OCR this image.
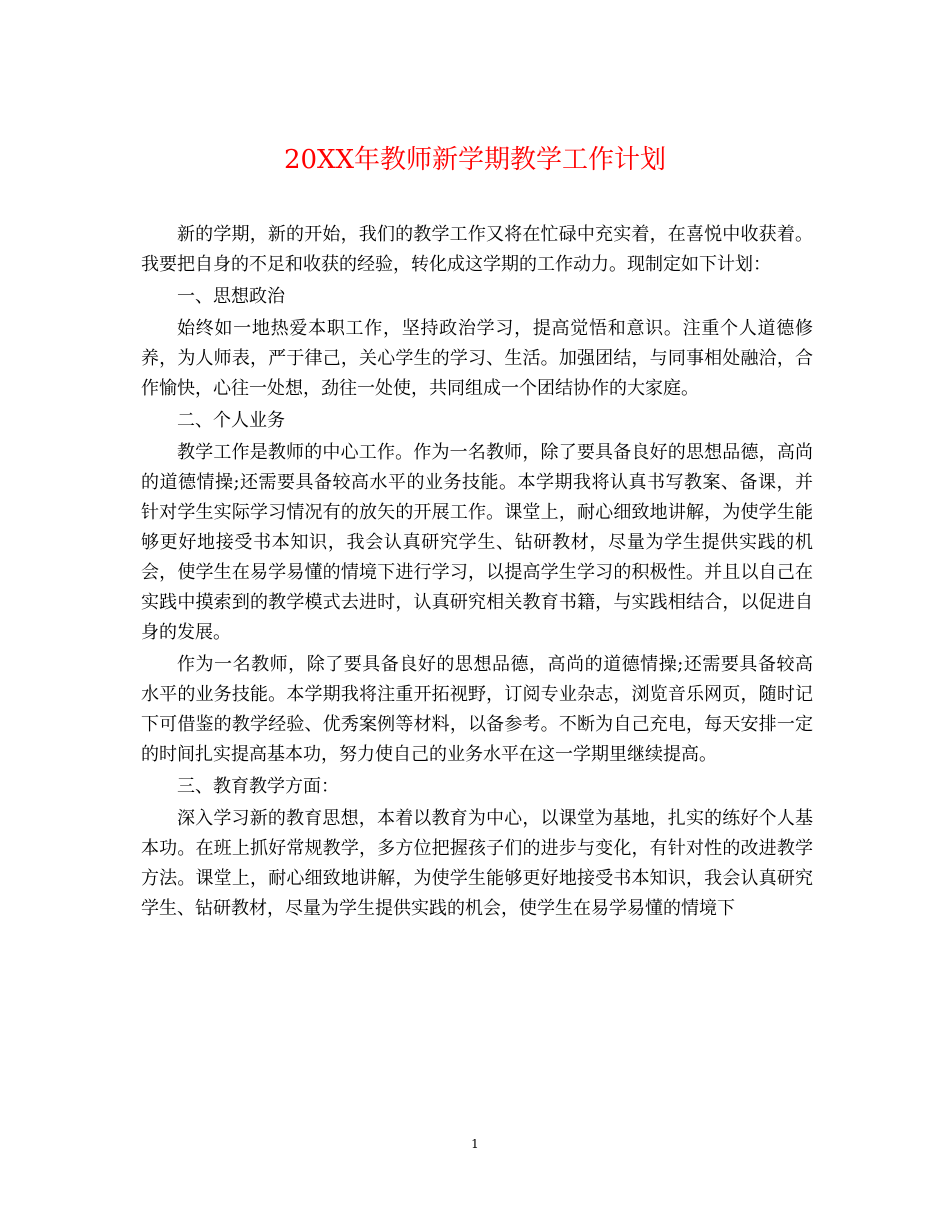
20XX年教师新学期教学工作计划

新的学期，新的开始，我们的教学工作又将在忙碌中充实着，在喜悦中收获着。我要把自身的不足和收获的经验，转化成这学期的工作动力。现制定如下计划：

一、思想政治

始终如一地热爱本职工作，坚持政治学习，提高觉悟和意识。注重个人道德修养，为人师表，严于律己，关心学生的学习、生活。加强团结，与同事相处融洽，合作愉快，心往一处想，劲往一处使，共同组成一个团结协作的大家庭。

二、个人业务

教学工作是教师的中心工作。作为一名教师，除了要具备良好的思想品德，高尚的道德情操;还需要具备较高水平的业务技能。本学期我将认真书写教案、备课，并针对学生实际学习情况有的放矢的开展工作。课堂上，耐心细致地讲解，为使学生能够更好地接受书本知识，我会认真研究学生、钻研教材，尽量为学生提供实践的机会，使学生在易学易懂的情境下进行学习，以提高学生学习的积极性。并且以自己在实践中摸索到的教学模式去进时，认真研究相关教育书籍，与实践相结合，以促进自身的发展。

作为一名教师，除了要具备良好的思想品德，高尚的道德情操;还需要具备较高水平的业务技能。本学期我将注重开拓视野，订阅专业杂志，浏览音乐网页，随时记下可借鉴的教学经验、优秀案例等材料，以备参考。不断为自己充电，每天安排一定的时间扎实提高基本功，努力使自己的业务水平在这一学期里继续提高。

三、教育教学方面：

深入学习新的教育思想，本着以教育为中心，以课堂为基地，扎实的练好个人基本功。在班上抓好常规教学，多方位把握孩子们的进步与变化，有针对性的改进教学方法。课堂上，耐心细致地讲解，为使学生能够更好地接受书本知识，我会认真研究学生、钻研教材，尽量为学生提供实践的机会，使学生在易学易懂的情境下

1
